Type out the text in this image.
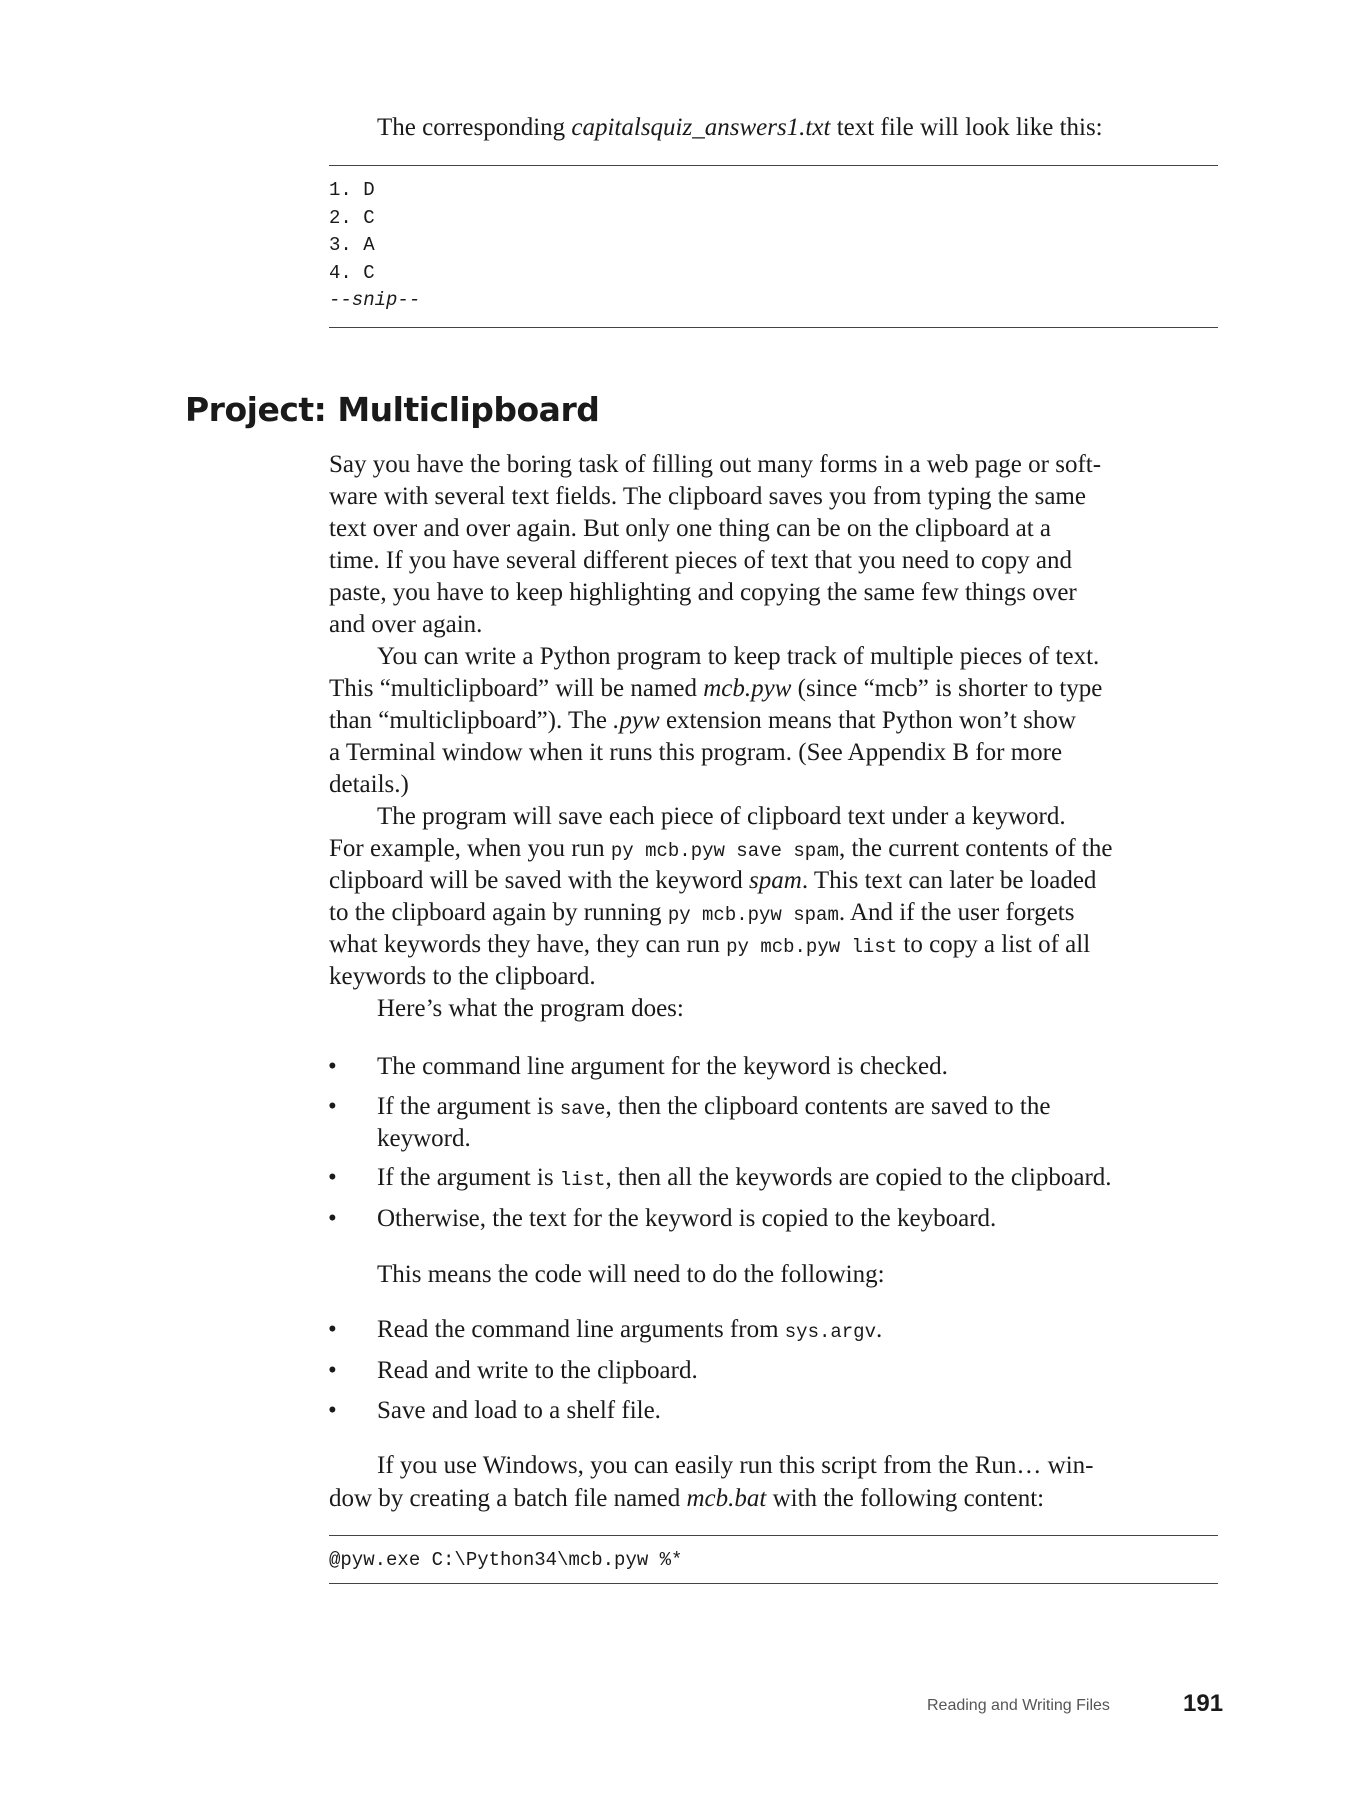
The corresponding capitalsquiz_answers1.txt text file will look like this:
1. D
2. C
3. A
4. C
--snip--
Project: Multiclipboard
Say you have the boring task of filling out many forms in a web page or soft-
ware with several text fields. The clipboard saves you from typing the same
text over and over again. But only one thing can be on the clipboard at a
time. If you have several different pieces of text that you need to copy and
paste, you have to keep highlighting and copying the same few things over
and over again.
You can write a Python program to keep track of multiple pieces of text.
This “multiclipboard” will be named mcb.pyw (since “mcb” is shorter to type
than “multiclipboard”). The .pyw extension means that Python won’t show
a Terminal window when it runs this program. (See Appendix B for more
details.)
The program will save each piece of clipboard text under a keyword.
For example, when you run py mcb.pyw save spam, the current contents of the
clipboard will be saved with the keyword spam. This text can later be loaded
to the clipboard again by running py mcb.pyw spam. And if the user forgets
what keywords they have, they can run py mcb.pyw list to copy a list of all
keywords to the clipboard.
Here’s what the program does:
• The command line argument for the keyword is checked.
• If the argument is save, then the clipboard contents are saved to the
keyword.
• If the argument is list, then all the keywords are copied to the clipboard.
• Otherwise, the text for the keyword is copied to the keyboard.
This means the code will need to do the following:
• Read the command line arguments from sys.argv.
• Read and write to the clipboard.
• Save and load to a shelf file.
If you use Windows, you can easily run this script from the Run… win-
dow by creating a batch file named mcb.bat with the following content:
@pyw.exe C:\Python34\mcb.pyw %*
Reading and Writing Files	191
